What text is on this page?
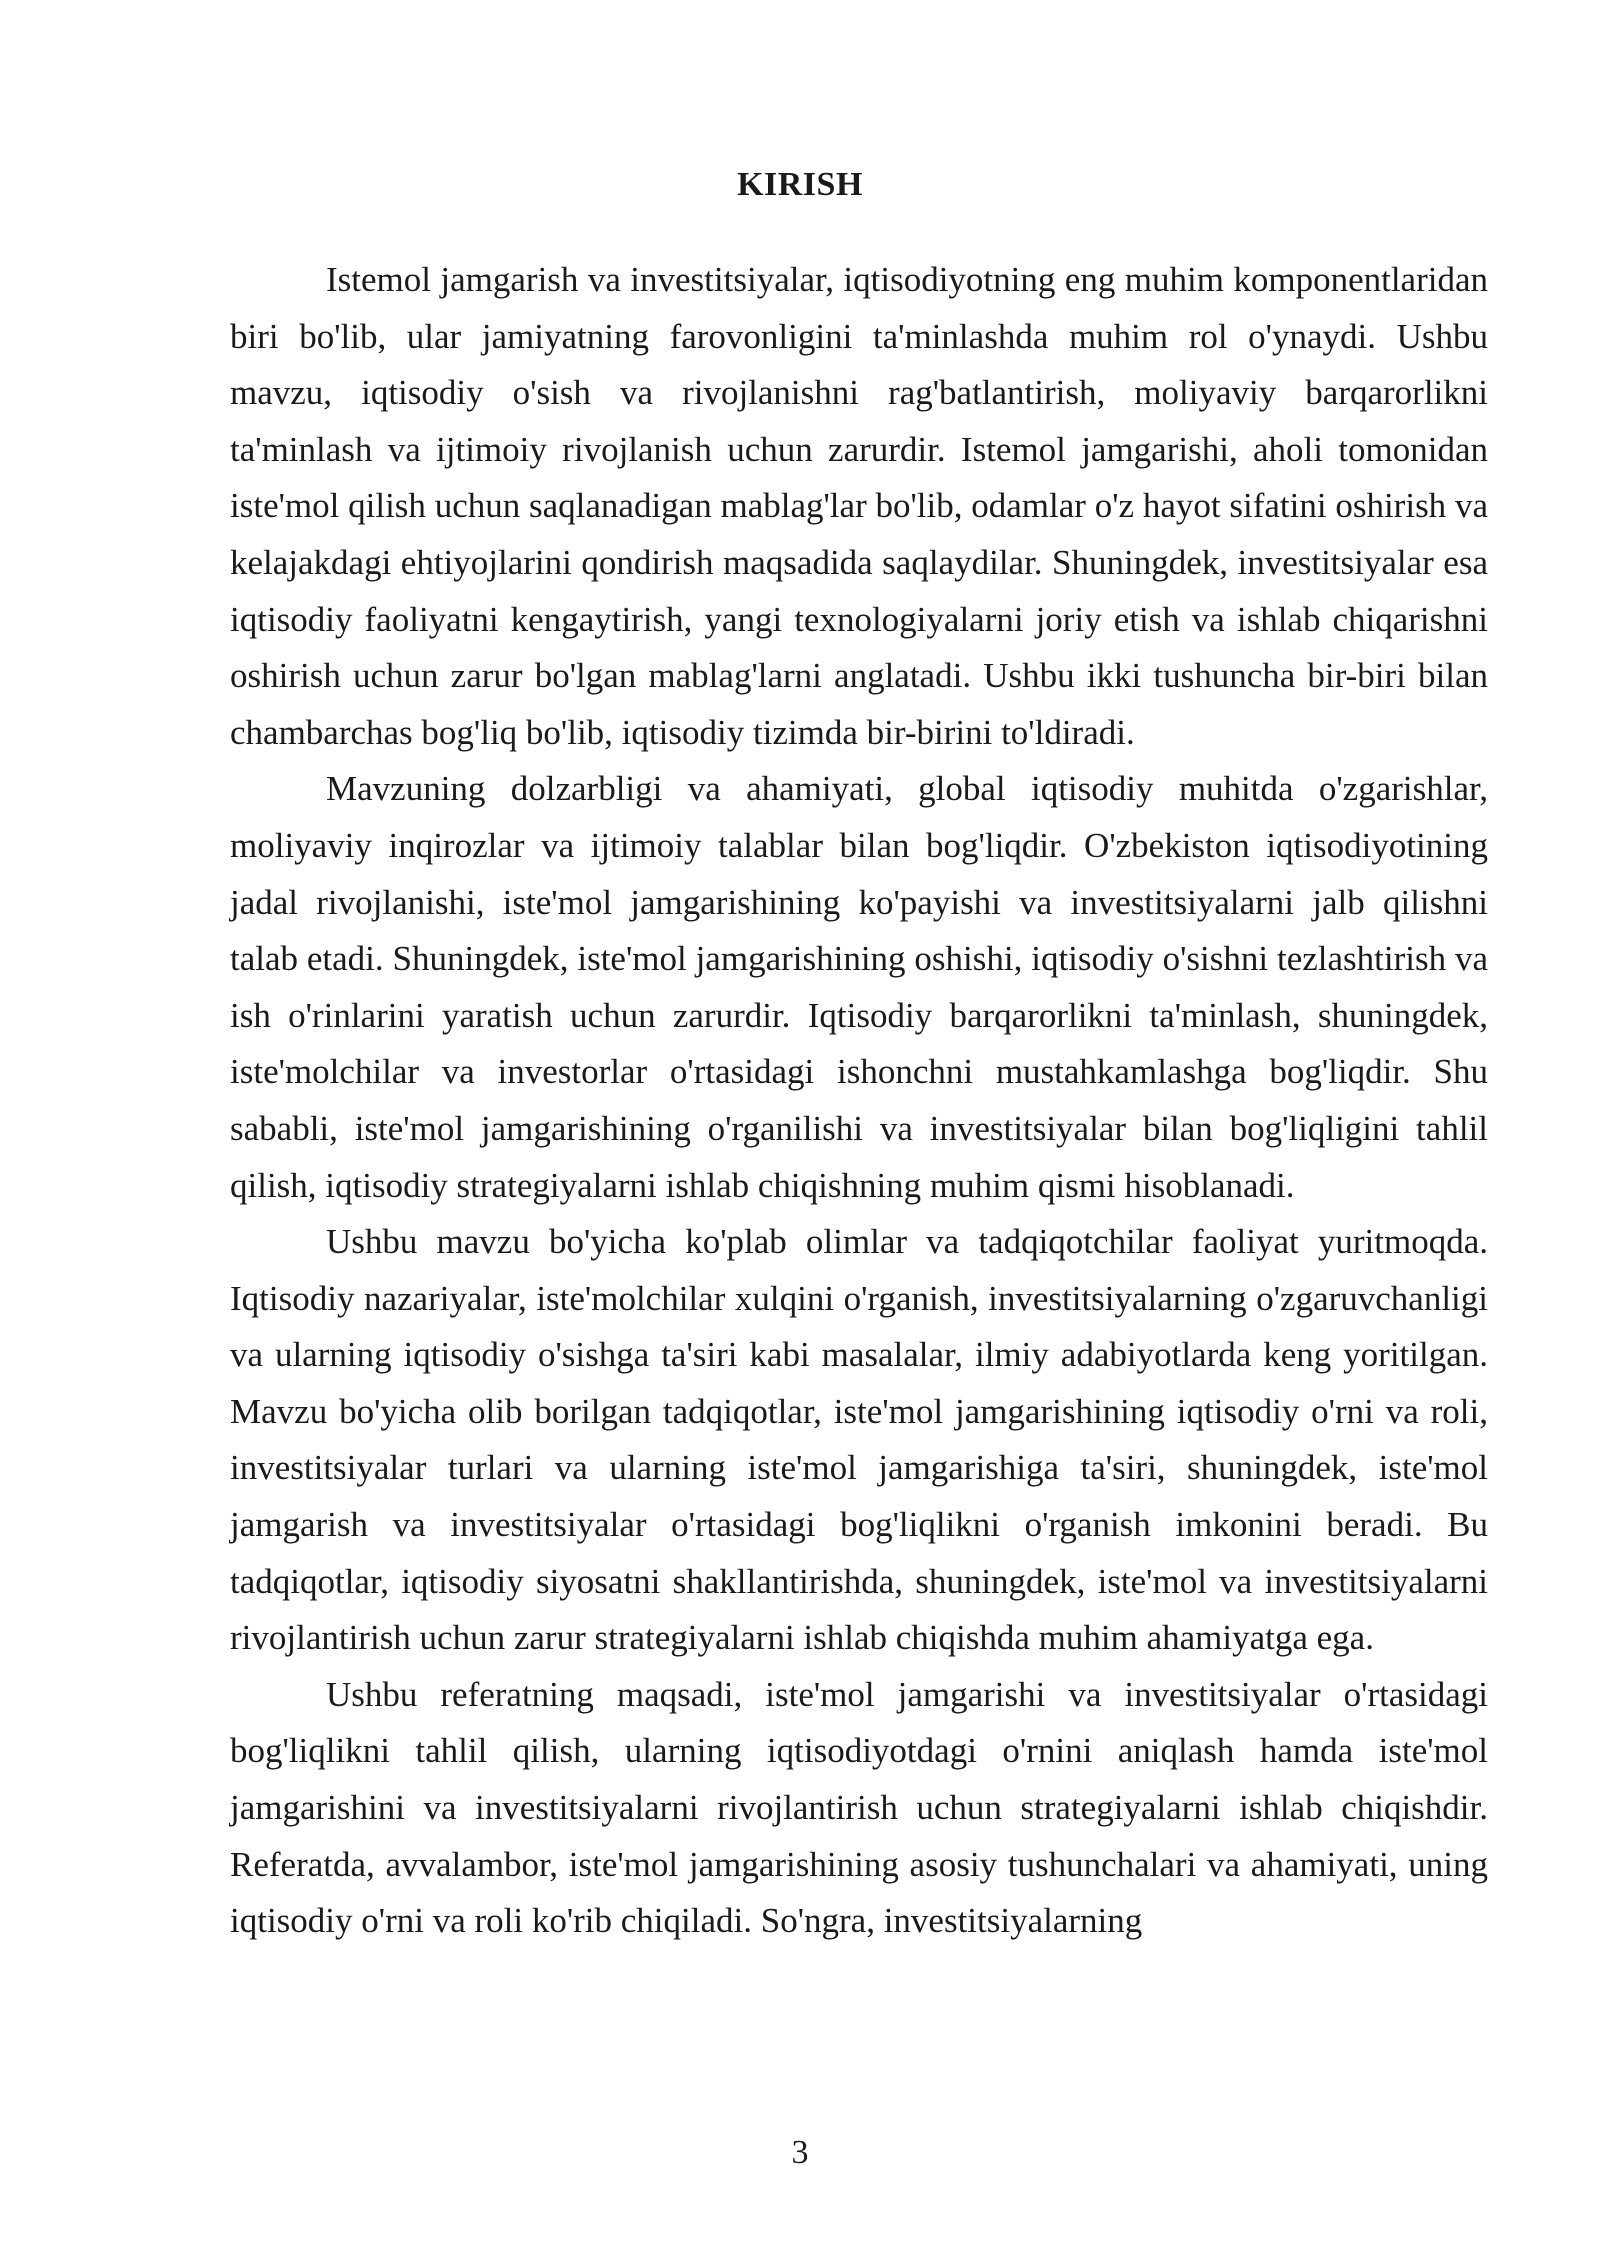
KIRISH

Istemol jamgarish va investitsiyalar, iqtisodiyotning eng muhim komponentlaridan biri bo'lib, ular jamiyatning farovonligini ta'minlashda muhim rol o'ynaydi. Ushbu mavzu, iqtisodiy o'sish va rivojlanishni rag'batlantirish, moliyaviy barqarorlikni ta'minlash va ijtimoiy rivojlanish uchun zarurdir. Istemol jamgarishi, aholi tomonidan iste'mol qilish uchun saqlanadigan mablag'lar bo'lib, odamlar o'z hayot sifatini oshirish va kelajakdagi ehtiyojlarini qondirish maqsadida saqlaydilar. Shuningdek, investitsiyalar esa iqtisodiy faoliyatni kengaytirish, yangi texnologiyalarni joriy etish va ishlab chiqarishni oshirish uchun zarur bo'lgan mablag'larni anglatadi. Ushbu ikki tushuncha bir-biri bilan chambarchas bog'liq bo'lib, iqtisodiy tizimda bir-birini to'ldiradi.

Mavzuning dolzarbligi va ahamiyati, global iqtisodiy muhitda o'zgarishlar, moliyaviy inqirozlar va ijtimoiy talablar bilan bog'liqdir. O'zbekiston iqtisodiyotining jadal rivojlanishi, iste'mol jamgarishining ko'payishi va investitsiyalarni jalb qilishni talab etadi. Shuningdek, iste'mol jamgarishining oshishi, iqtisodiy o'sishni tezlashtirish va ish o'rinlarini yaratish uchun zarurdir. Iqtisodiy barqarorlikni ta'minlash, shuningdek, iste'molchilar va investorlar o'rtasidagi ishonchni mustahkamlashga bog'liqdir. Shu sababli, iste'mol jamgarishining o'rganilishi va investitsiyalar bilan bog'liqligini tahlil qilish, iqtisodiy strategiyalarni ishlab chiqishning muhim qismi hisoblanadi.

Ushbu mavzu bo'yicha ko'plab olimlar va tadqiqotchilar faoliyat yuritmoqda. Iqtisodiy nazariyalar, iste'molchilar xulqini o'rganish, investitsiyalarning o'zgaruvchanligi va ularning iqtisodiy o'sishga ta'siri kabi masalalar, ilmiy adabiyotlarda keng yoritilgan. Mavzu bo'yicha olib borilgan tadqiqotlar, iste'mol jamgarishining iqtisodiy o'rni va roli, investitsiyalar turlari va ularning iste'mol jamgarishiga ta'siri, shuningdek, iste'mol jamgarish va investitsiyalar o'rtasidagi bog'liqlikni o'rganish imkonini beradi. Bu tadqiqotlar, iqtisodiy siyosatni shakllantirishda, shuningdek, iste'mol va investitsiyalarni rivojlantirish uchun zarur strategiyalarni ishlab chiqishda muhim ahamiyatga ega.

Ushbu referatning maqsadi, iste'mol jamgarishi va investitsiyalar o'rtasidagi bog'liqlikni tahlil qilish, ularning iqtisodiyotdagi o'rnini aniqlash hamda iste'mol jamgarishini va investitsiyalarni rivojlantirish uchun strategiyalarni ishlab chiqishdir. Referatda, avvalambor, iste'mol jamgarishining asosiy tushunchalari va ahamiyati, uning iqtisodiy o'rni va roli ko'rib chiqiladi. So'ngra, investitsiyalarning

3
